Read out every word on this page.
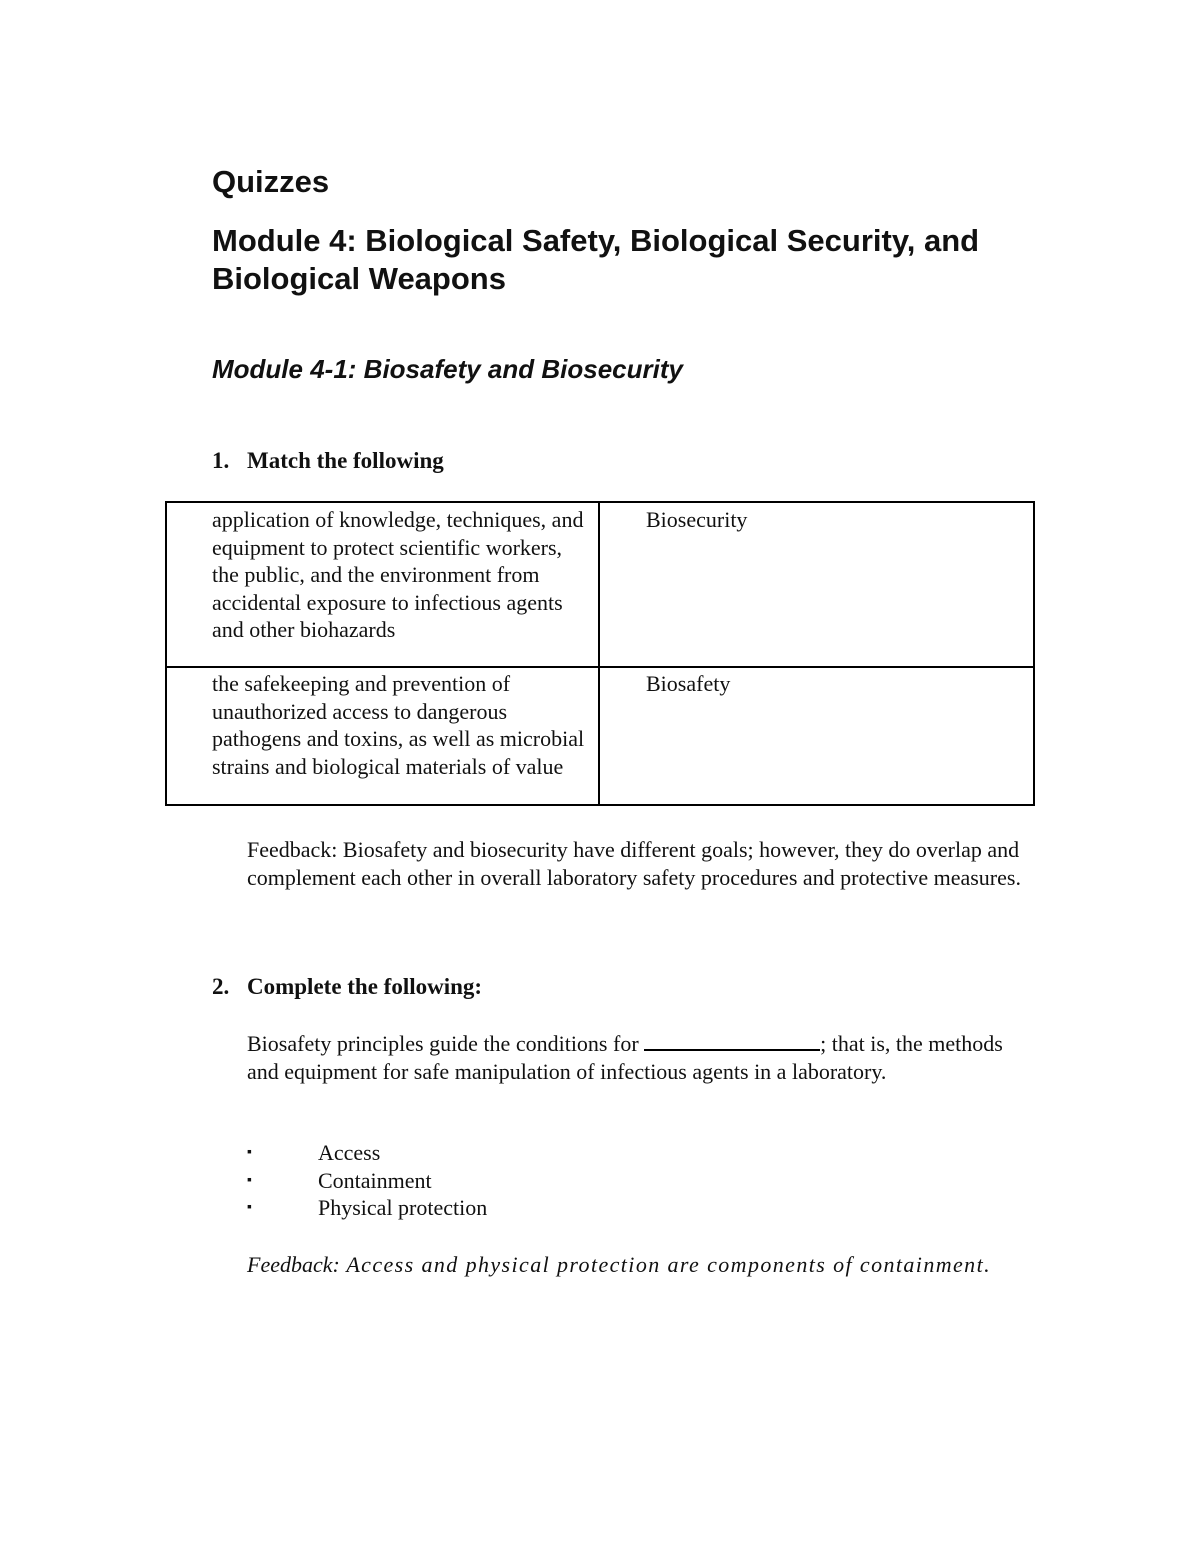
Quizzes
Module 4: Biological Safety, Biological Security, and Biological Weapons
Module 4-1: Biosafety and Biosecurity
1. Match the following
application of knowledge, techniques, and equipment to protect scientific workers, the public, and the environment from accidental exposure to infectious agents and other biohazards	Biosecurity
the safekeeping and prevention of unauthorized access to dangerous pathogens and toxins, as well as microbial strains and biological materials of value	Biosafety

Feedback: Biosafety and biosecurity have different goals; however, they do overlap and complement each other in overall laboratory safety procedures and protective measures.

2. Complete the following:

Biosafety principles guide the conditions for	; that is, the methods and equipment for safe manipulation of infectious agents in a laboratory.

▪	Access
▪	Containment
▪	Physical protection

Feedback: Access and physical protection are components of containment.
